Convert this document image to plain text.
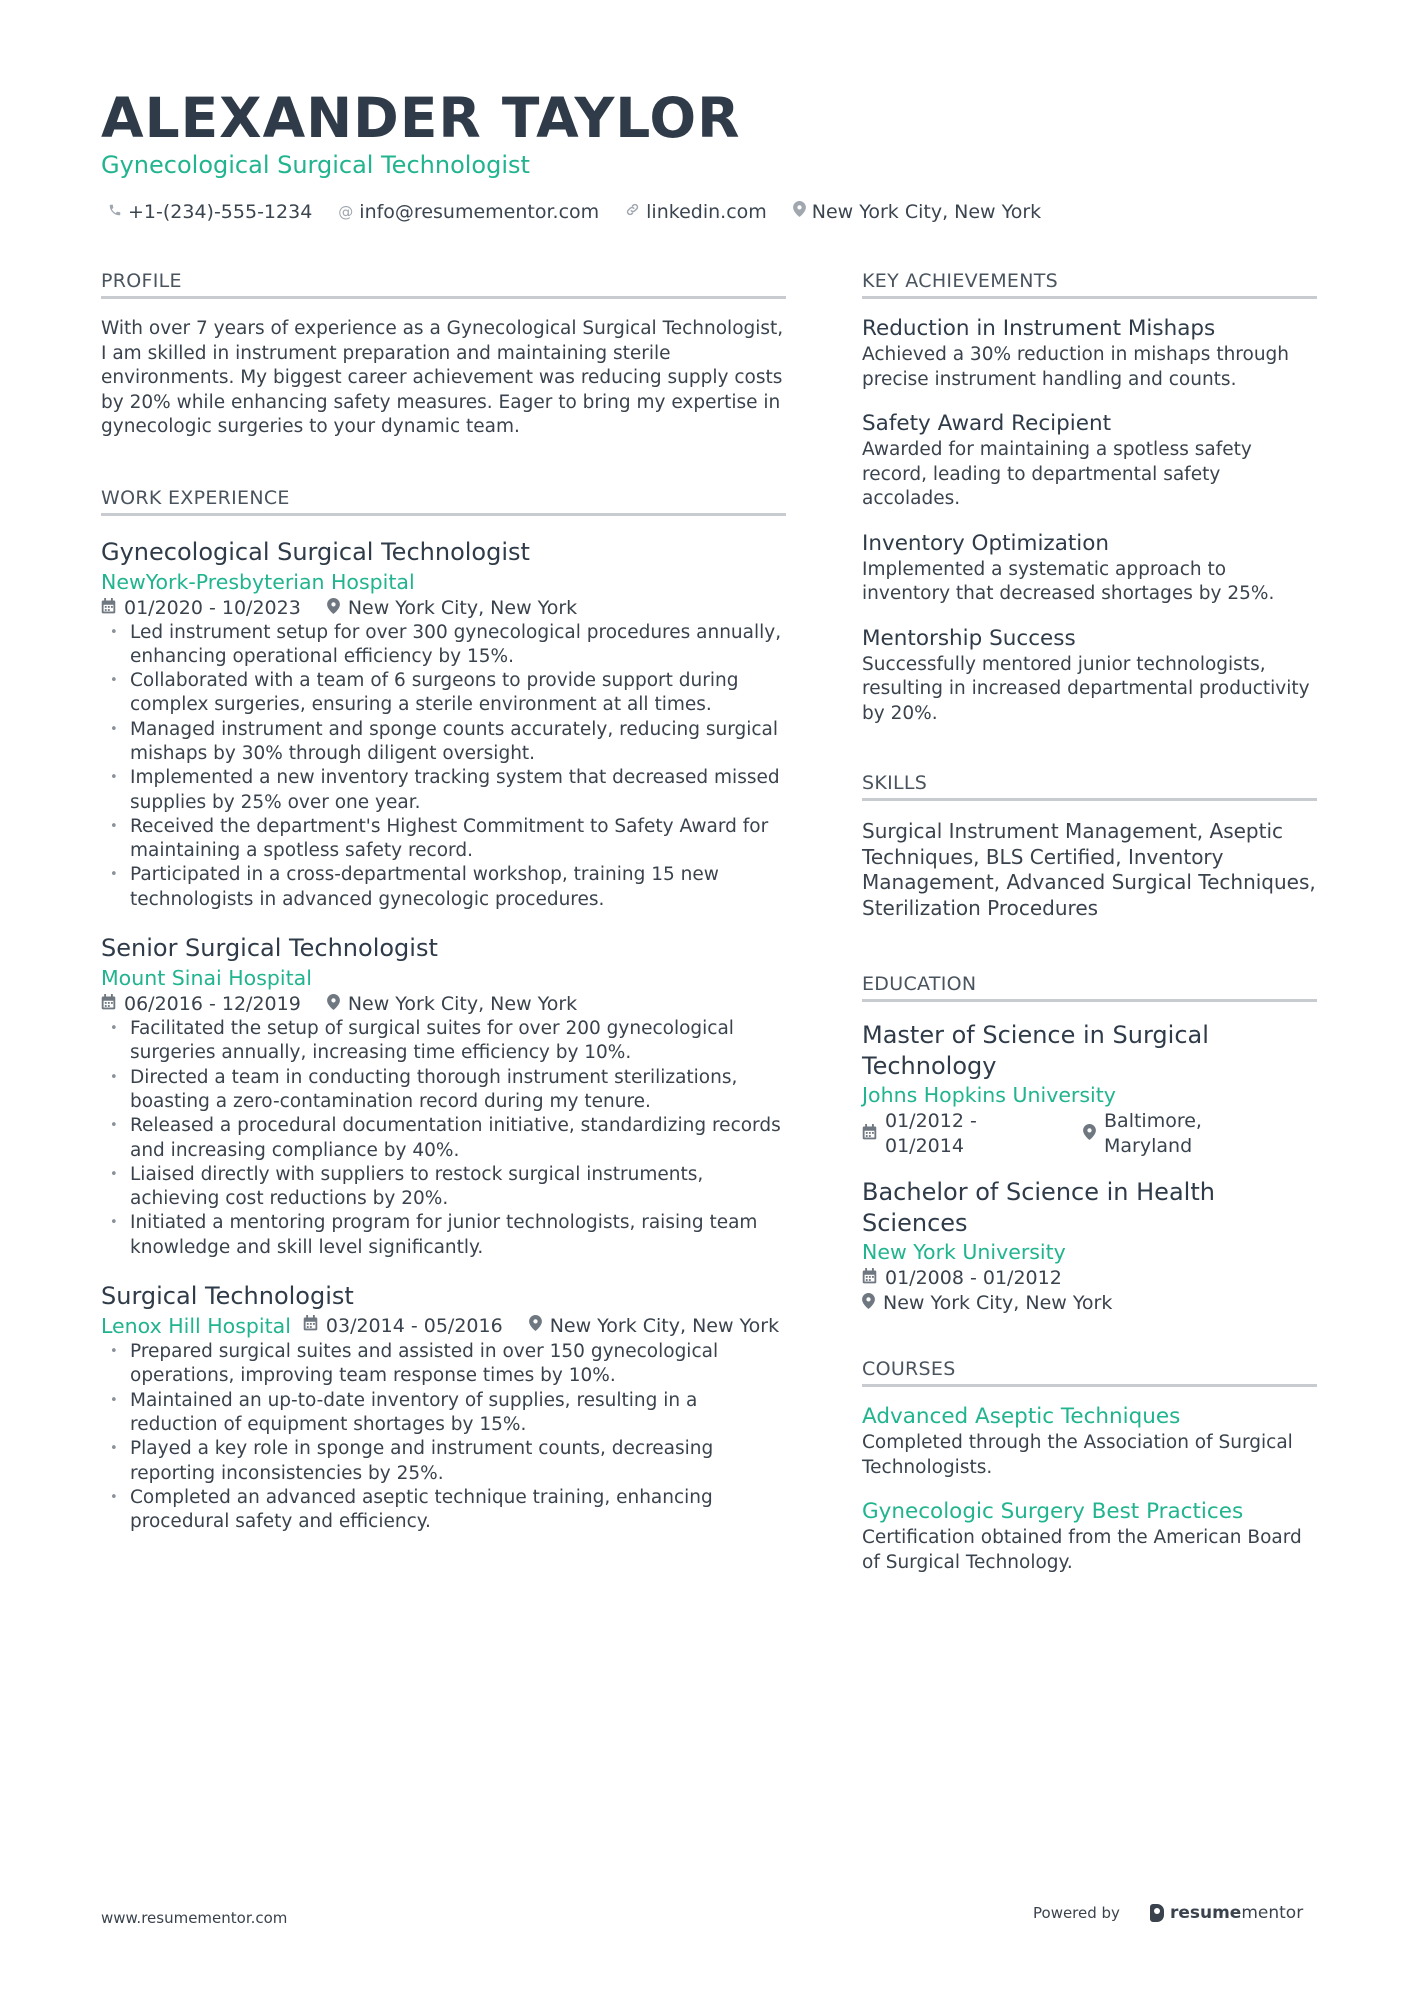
ALEXANDER TAYLOR
Gynecological Surgical Technologist
+1-(234)-555-1234 @ info@resumementor.com linkedin.com New York City, New York
PROFILE
With over 7 years of experience as a Gynecological Surgical Technologist, I am skilled in instrument preparation and maintaining sterile environments. My biggest career achievement was reducing supply costs by 20% while enhancing safety measures. Eager to bring my expertise in gynecologic surgeries to your dynamic team.
WORK EXPERIENCE
Gynecological Surgical Technologist
NewYork-Presbyterian Hospital
01/2020 - 10/2023 New York City, New York
• Led instrument setup for over 300 gynecological procedures annually, enhancing operational efficiency by 15%.
• Collaborated with a team of 6 surgeons to provide support during complex surgeries, ensuring a sterile environment at all times.
• Managed instrument and sponge counts accurately, reducing surgical mishaps by 30% through diligent oversight.
• Implemented a new inventory tracking system that decreased missed supplies by 25% over one year.
• Received the department's Highest Commitment to Safety Award for maintaining a spotless safety record.
• Participated in a cross-departmental workshop, training 15 new technologists in advanced gynecologic procedures.
Senior Surgical Technologist
Mount Sinai Hospital
06/2016 - 12/2019 New York City, New York
• Facilitated the setup of surgical suites for over 200 gynecological surgeries annually, increasing time efficiency by 10%.
• Directed a team in conducting thorough instrument sterilizations, boasting a zero-contamination record during my tenure.
• Released a procedural documentation initiative, standardizing records and increasing compliance by 40%.
• Liaised directly with suppliers to restock surgical instruments, achieving cost reductions by 20%.
• Initiated a mentoring program for junior technologists, raising team knowledge and skill level significantly.
Surgical Technologist
Lenox Hill Hospital 03/2014 - 05/2016 New York City, New York
• Prepared surgical suites and assisted in over 150 gynecological operations, improving team response times by 10%.
• Maintained an up-to-date inventory of supplies, resulting in a reduction of equipment shortages by 15%.
• Played a key role in sponge and instrument counts, decreasing reporting inconsistencies by 25%.
• Completed an advanced aseptic technique training, enhancing procedural safety and efficiency.
KEY ACHIEVEMENTS
Reduction in Instrument Mishaps
Achieved a 30% reduction in mishaps through precise instrument handling and counts.
Safety Award Recipient
Awarded for maintaining a spotless safety record, leading to departmental safety accolades.
Inventory Optimization
Implemented a systematic approach to inventory that decreased shortages by 25%.
Mentorship Success
Successfully mentored junior technologists, resulting in increased departmental productivity by 20%.
SKILLS
Surgical Instrument Management, Aseptic Techniques, BLS Certified, Inventory Management, Advanced Surgical Techniques, Sterilization Procedures
EDUCATION
Master of Science in Surgical Technology
Johns Hopkins University
01/2012 - 01/2014
Baltimore, Maryland
Bachelor of Science in Health Sciences
New York University
01/2008 - 01/2012
New York City, New York
COURSES
Advanced Aseptic Techniques
Completed through the Association of Surgical Technologists.
Gynecologic Surgery Best Practices
Certification obtained from the American Board of Surgical Technology.
www.resumementor.com	Powered by	resume mentor
